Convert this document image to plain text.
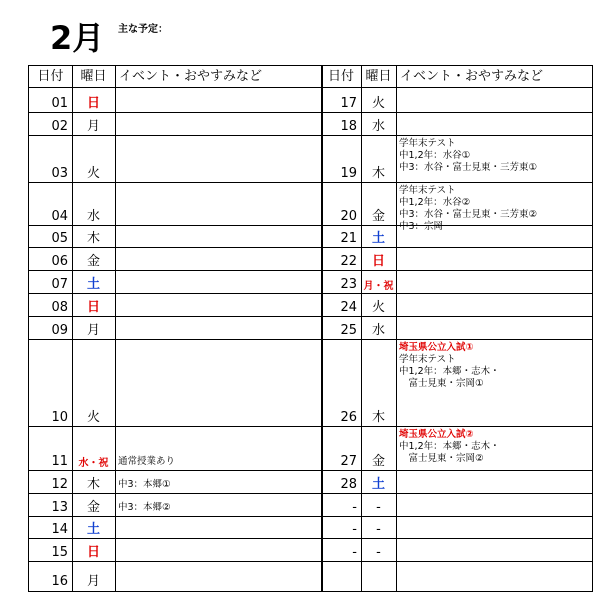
2月 主な予定：
日付	曜日 イベント・おやすみなど	日付 曜日 イベント・おやすみなど
01	日
02	月
03	火
04	水
05	木
06	金
07	土
08	日
09	月
10	火
11	水・祝	通常授業あり
12	木	中3：本郷①
13	金	中3：本郷②
14	土
15	日
16	月
17	火
18	水
19	木
学年末テスト
中1,2年：水谷①
中3：水谷・富士見東・三芳東①
20	金
学年末テスト
中1,2年：水谷②
中3：水谷・富士見東・三芳東②
中3：宗岡
21	土
22	日
23 月・祝
24	火
25	水
26	木
埼玉県公立入試①
学年末テスト
中1,2年：本郷・志木・
　富士見東・宗岡①
27	金
埼玉県公立入試②
中1,2年：本郷・志木・
　富士見東・宗岡②
28	土
-	-
-	-
-	-
